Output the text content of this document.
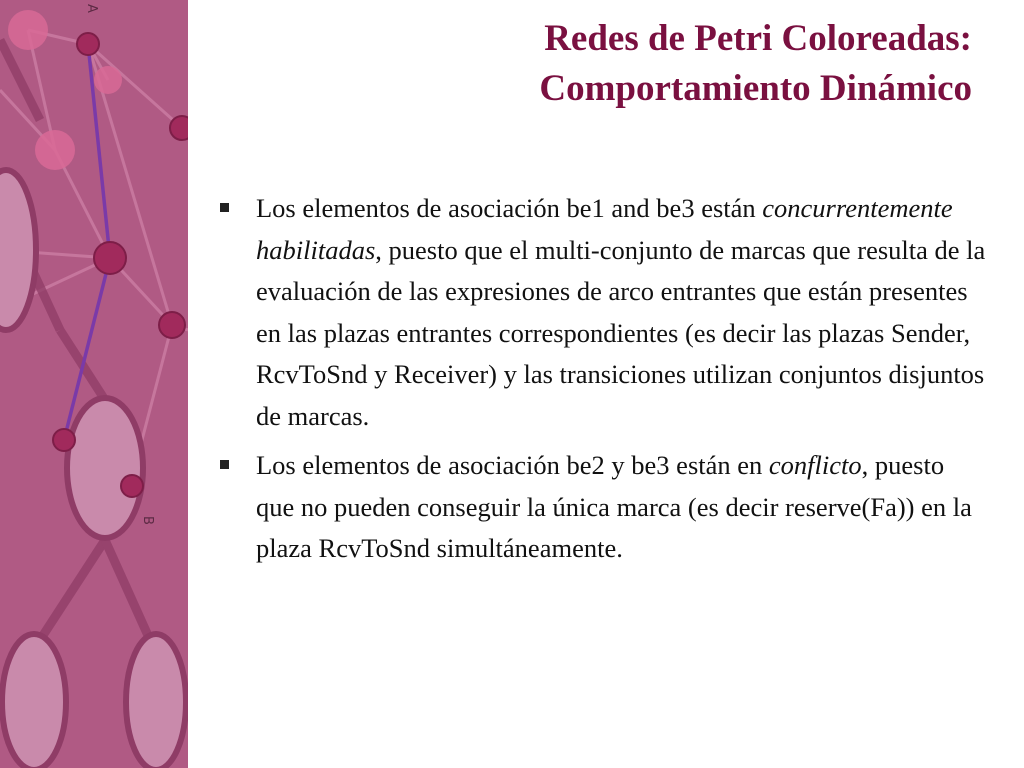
A
B
Redes de Petri Coloreadas:
Comportamiento Dinámico
Los elementos de asociación be1 and be3 están concurrentemente habilitadas, puesto que el multi-conjunto de marcas que resulta de la evaluación de las expresiones de arco entrantes que están presentes en las plazas entrantes correspondientes (es decir las plazas Sender, RcvToSnd y Receiver) y las transiciones utilizan conjuntos disjuntos de marcas.
Los elementos de asociación be2 y be3 están en conflicto, puesto que no pueden conseguir la única marca (es decir reserve(Fa)) en la plaza RcvToSnd simultáneamente.
